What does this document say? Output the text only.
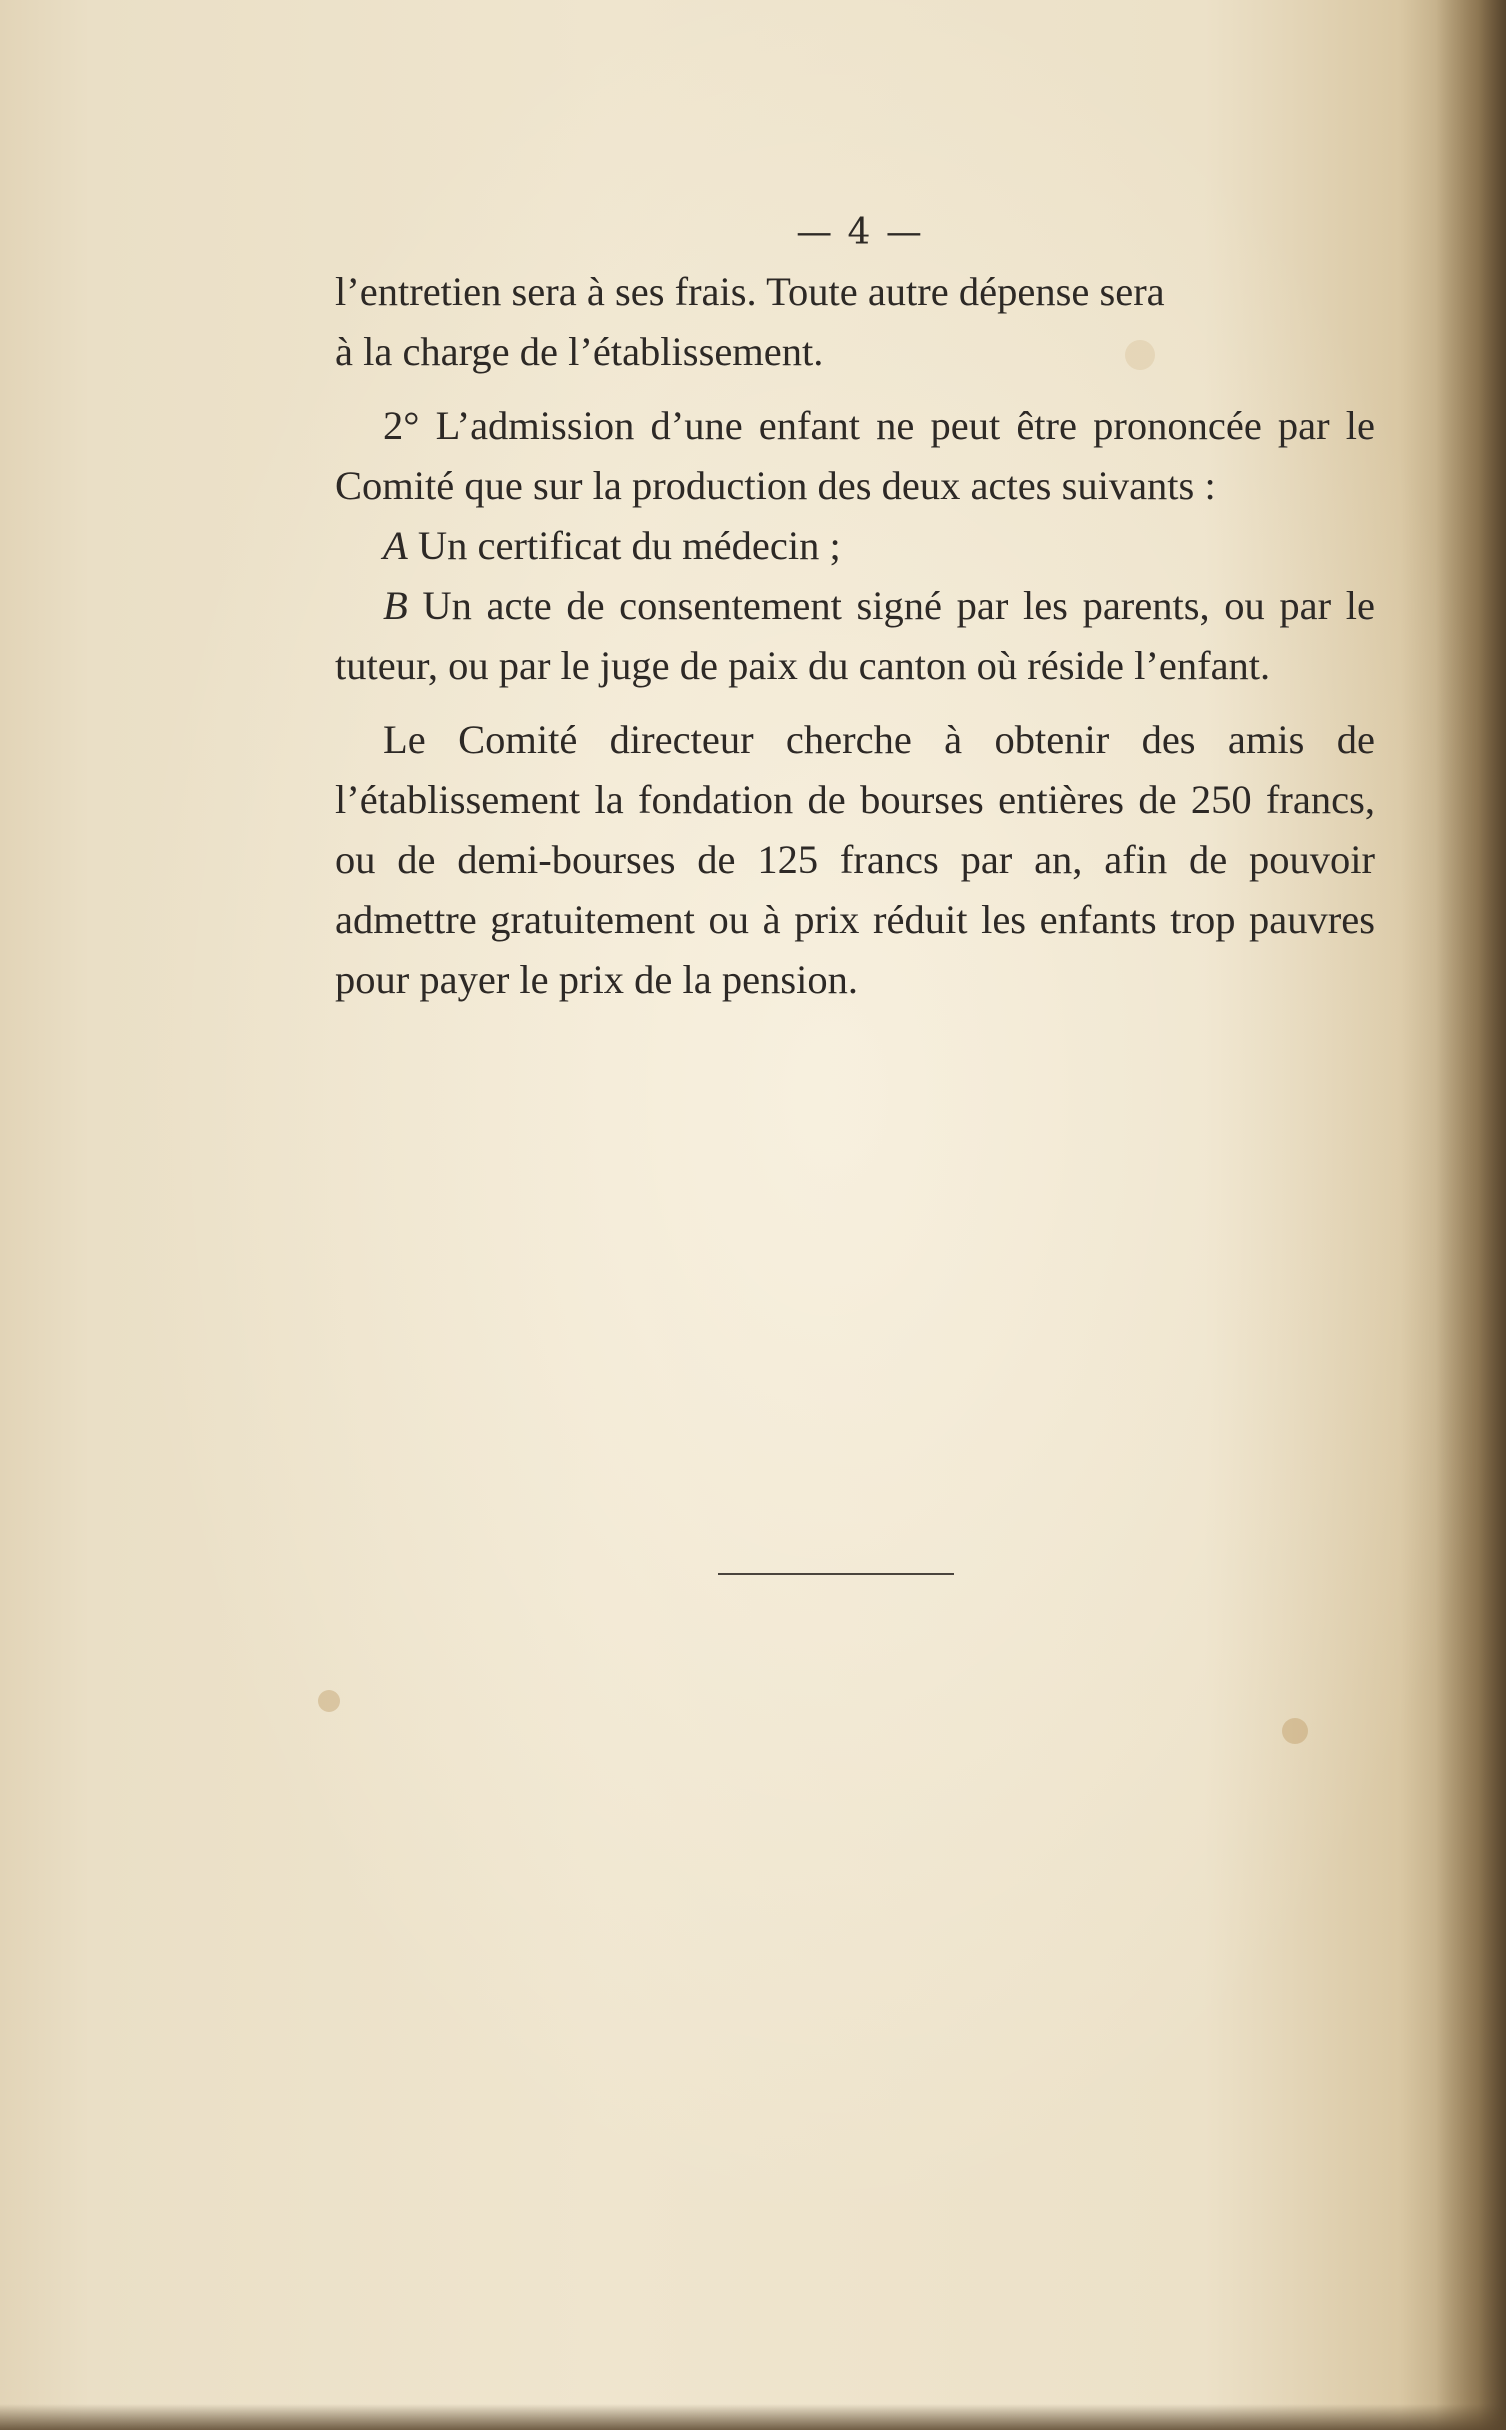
— 4 —

l’entretien sera à ses frais. Toute autre dépense sera
à la charge de l’établissement.

2° L’admission d’une enfant ne peut être prononcée par le Comité que sur la production des deux actes suivants :

A Un certificat du médecin ;

B Un acte de consentement signé par les parents, ou par le tuteur, ou par le juge de paix du canton où réside l’enfant.

Le Comité directeur cherche à obtenir des amis de l’établissement la fondation de bourses entières de 250 francs, ou de demi-bourses de 125 francs par an, afin de pouvoir admettre gratuitement ou à prix réduit les enfants trop pauvres pour payer le prix de la pension.
